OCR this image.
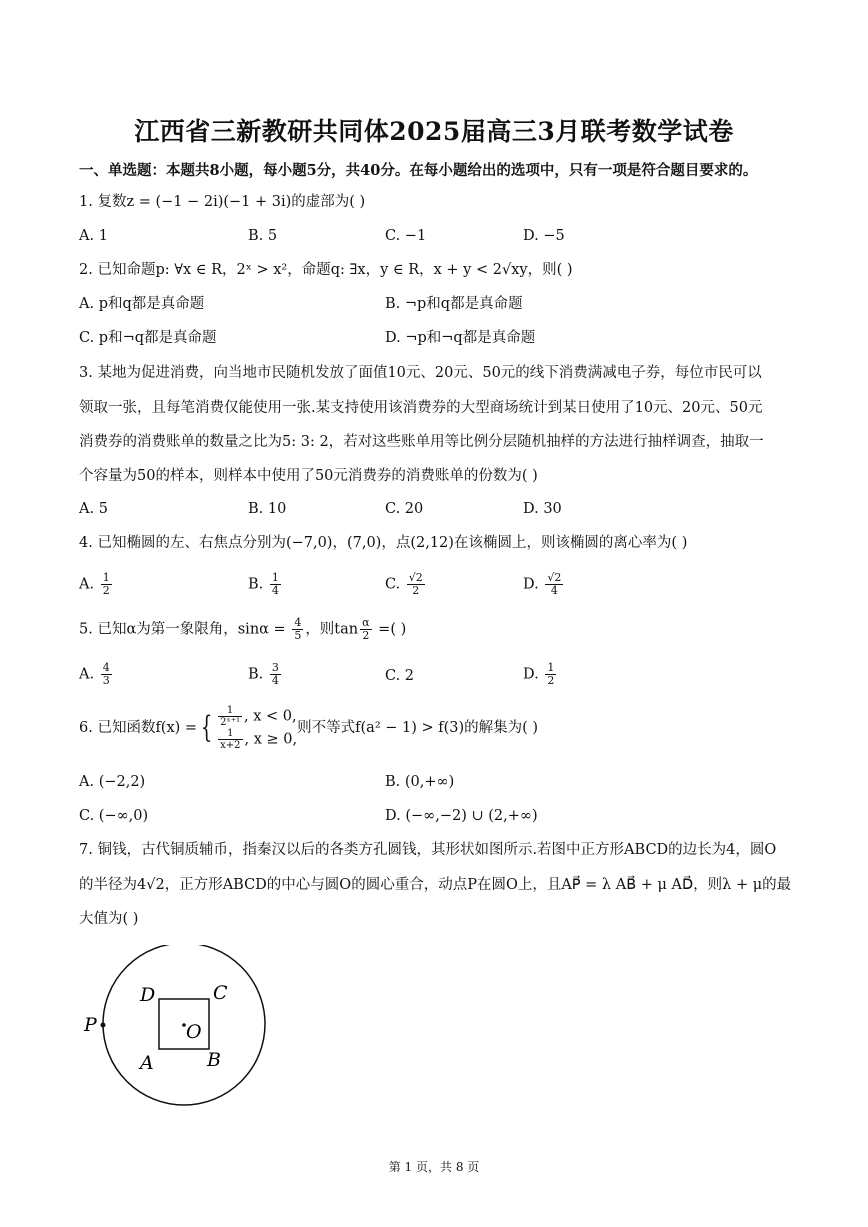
江西省三新教研共同体2025届高三3月联考数学试卷
一、单选题：本题共8小题，每小题5分，共40分。在每小题给出的选项中，只有一项是符合题目要求的。
1. 复数z = (−1 − 2i)(−1 + 3i)的虚部为( )
A. 1	B. 5	C. −1	D. −5
2. 已知命题p: ∀x ∈ R，2ˣ > x²，命题q: ∃x，y ∈ R，x + y < 2√xy，则( )
A. p和q都是真命题	B. ¬p和q都是真命题
C. p和¬q都是真命题	D. ¬p和¬q都是真命题
3. 某地为促进消费，向当地市民随机发放了面值10元、20元、50元的线下消费满减电子券，每位市民可以
领取一张，且每笔消费仅能使用一张.某支持使用该消费券的大型商场统计到某日使用了10元、20元、50元
消费券的消费账单的数量之比为5: 3: 2，若对这些账单用等比例分层随机抽样的方法进行抽样调查，抽取一
个容量为50的样本，则样本中使用了50元消费券的消费账单的份数为( )
A. 5	B. 10	C. 20	D. 30
4. 已知椭圆的左、右焦点分别为(−7,0)，(7,0)，点(2,12)在该椭圆上，则该椭圆的离心率为( )
A. $\frac{1}{2}$	B. $\frac{1}{4}$	C. $\frac{√2}{2}$	D. $\frac{√2}{4}$
5. 已知α为第一象限角，$\sin\alpha = \frac{4}{5}$ ，则$\tan \frac{\alpha}{2}$ =( )
A. $\frac{4}{3}$	B. $\frac{3}{4}$	C. 2	D. $\frac{1}{2}$
6. 已知函数f(x) ={ $\frac{1}{\text{2ˣ⁺¹}}$ , x < 0,
$\frac{1}{x+2}$ , x ≥ 0,
则不等式f(a² − 1) > f(3)的解集为( )
A. (−2,2)	B. (0,+∞)
C. (−∞,0)	D. (−∞,−2) ∪ (2,+∞)
7. 铜钱，古代铜质辅币，指秦汉以后的各类方孔圆钱，其形状如图所示.若图中正方形ABCD的边长为4，圆O
的半径为4√2，正方形ABCD的中心与圆O的圆心重合，动点P在圆O上，且AP⃗ = λ AB⃗ + μ AD⃗，则λ + μ的最
大值为( )
P
D	C
A	B
O
第 1 页，共 8 页
